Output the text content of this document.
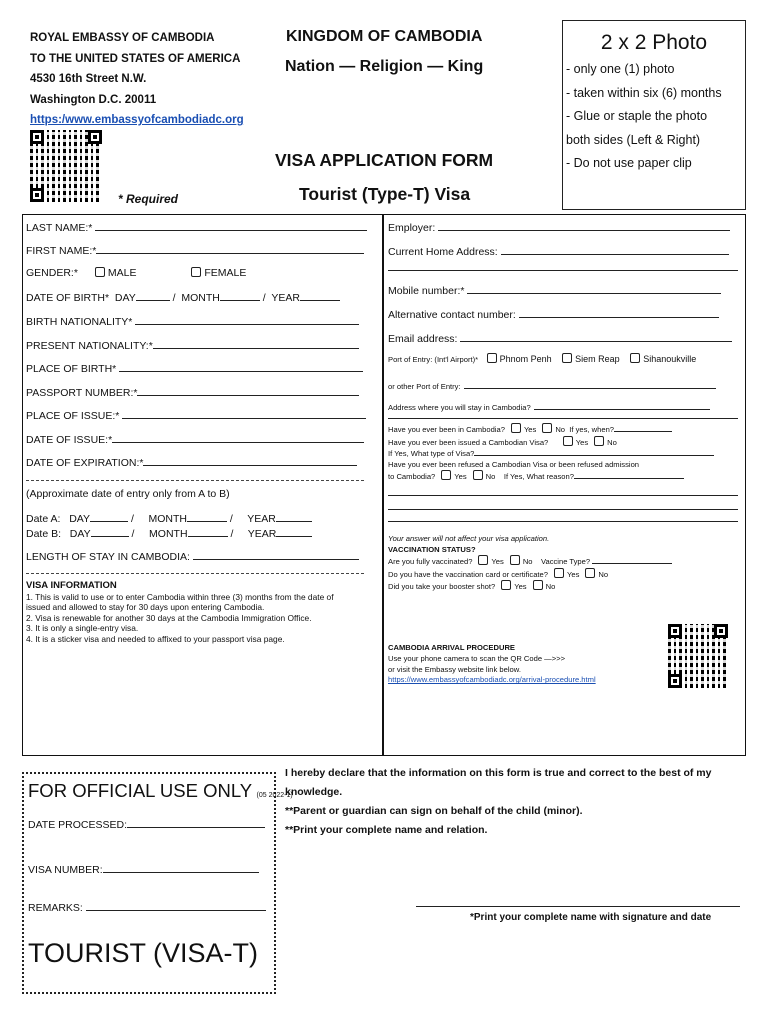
ROYAL EMBASSY OF CAMBODIA
TO THE UNITED STATES OF AMERICA
4530 16th Street N.W.
Washington D.C. 20011
https:/www.embassyofcambodiadc.org
* Required
KINGDOM OF CAMBODIA
Nation — Religion — King
VISA APPLICATION FORM
Tourist (Type-T) Visa
2 x 2 Photo
- only one (1) photo
- taken within six (6) months
- Glue or staple the photo
both sides (Left & Right)
- Do not use paper clip
LAST NAME:*
FIRST NAME:*
GENDER:*	MALE	FEMALE
DATE OF BIRTH* DAY	/  MONTH	/  YEAR
BIRTH NATIONALITY*
PRESENT NATIONALITY:*
PLACE OF BIRTH*
PASSPORT NUMBER:*
PLACE OF ISSUE:*
DATE OF ISSUE:*
DATE OF EXPIRATION:*
(Approximate date of entry only from A to B)
Date A: DAY	/     MONTH	/     YEAR
Date B: DAY	/     MONTH	/     YEAR
LENGTH OF STAY IN CAMBODIA:
VISA INFORMATION
1. This is valid to use or to enter Cambodia within three (3) months from the date of
issued and allowed to stay for 30 days upon entering Cambodia.
2. Visa is renewable for another 30 days at the Cambodia Immigration Office.
3. It is only a single-entry visa.
4. It is a sticker visa and needed to affixed to your passport visa page.
Employer:
Current Home Address:
Mobile number:*
Alternative contact number:
Email address:
Port of Entry: (Int'l Airport)* Phnom Penh	Siem Reap	Sihanoukville
or other Port of Entry:
Address where you will stay in Cambodia?
Have you ever been in Cambodia?	Yes	No If yes, when?
Have you ever been issued a Cambodian Visa?	Yes	No
If Yes, What type of Visa?
Have you ever been refused a Cambodian Visa or been refused admission
to Cambodia?	Yes	No If Yes, What reason?
Your answer will not affect your visa application.
VACCINATION STATUS?
Are you fully vaccinated?	Yes	No Vaccine Type?
Do you have the vaccination card or certificate?	Yes	No
Did you take your booster shot?	Yes	No
CAMBODIA ARRIVAL PROCEDURE
Use your phone camera to scan the QR Code —>>>
or visit the Embassy website link below.
https://www.embassyofcambodiadc.org/arrival-procedure.html
FOR OFFICIAL USE ONLY (05 2022-1)
DATE PROCESSED:
VISA NUMBER:
REMARKS:
TOURIST (VISA-T)
I hereby declare that the information on this form is true and correct to the best of my
knowledge.
**Parent or guardian can sign on behalf of the child (minor).
**Print your complete name and relation.
*Print your complete name with signature and date
